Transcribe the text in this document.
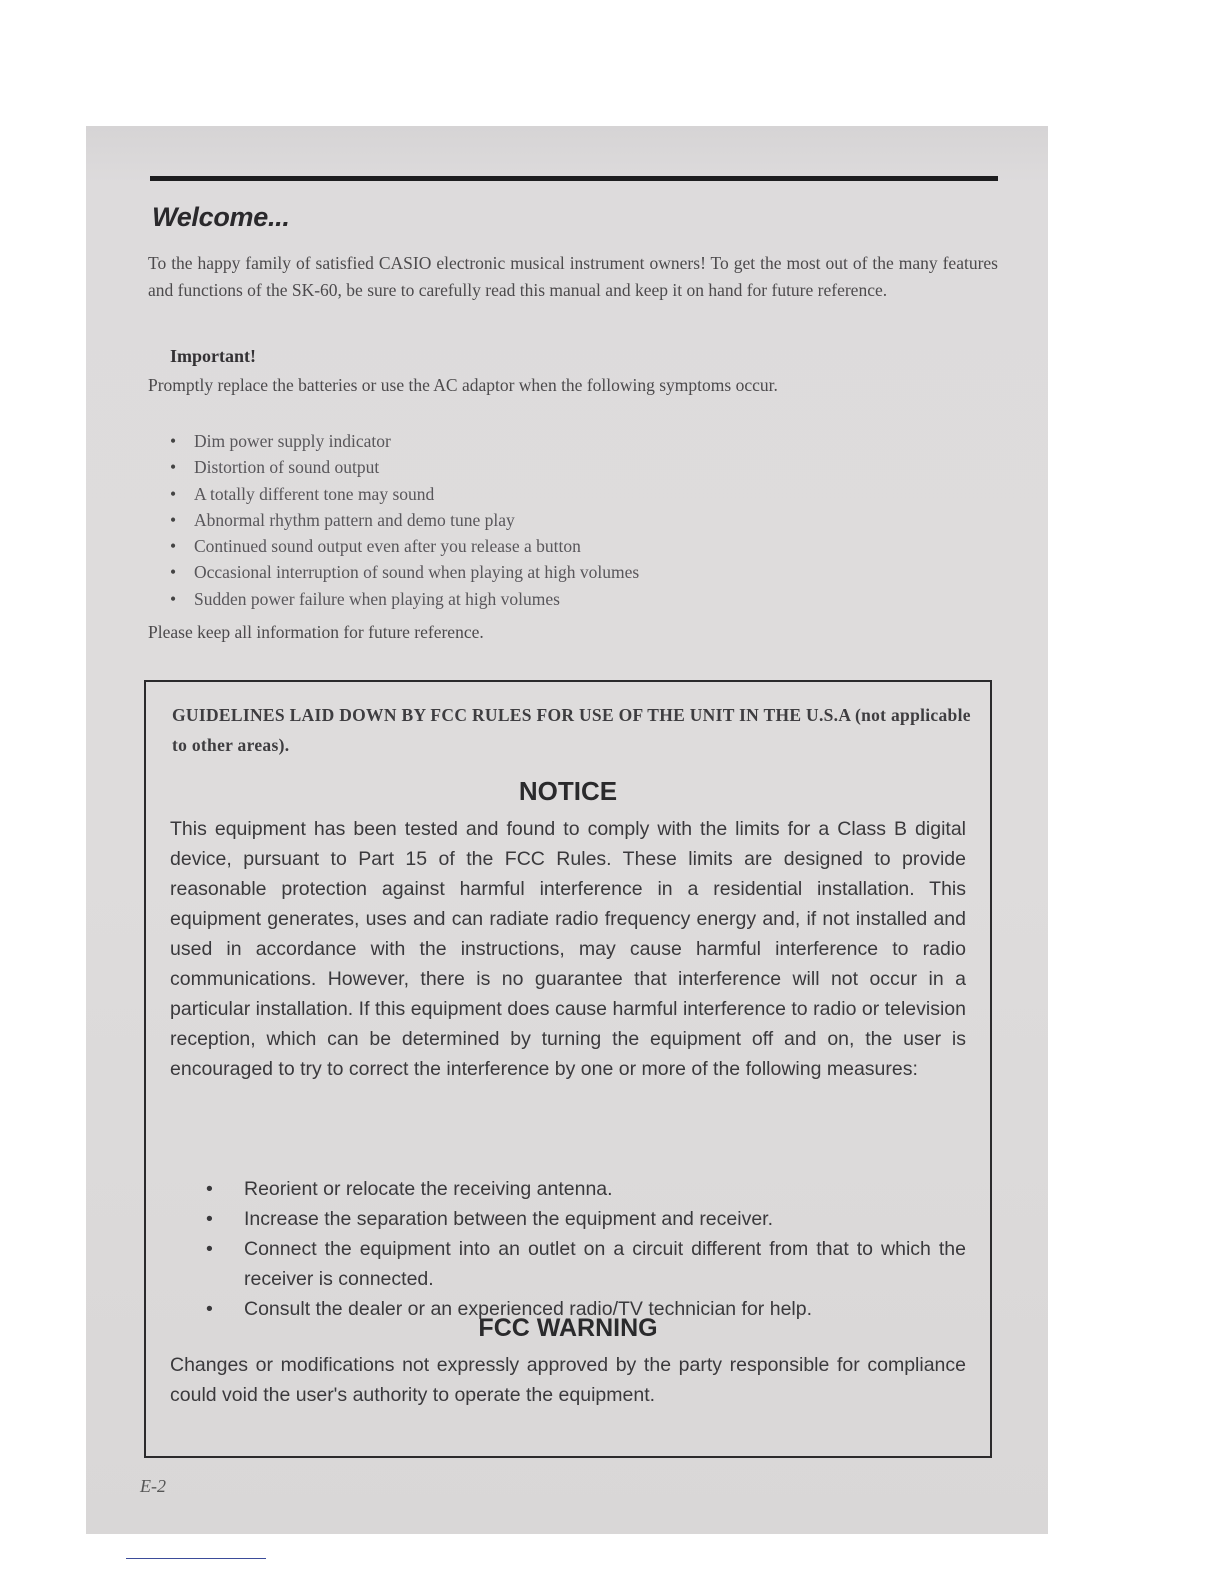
Welcome...
To the happy family of satisfied CASIO electronic musical instrument owners! To get the most out of the many features and functions of the SK-60, be sure to carefully read this manual and keep it on hand for future reference.
Important!
Promptly replace the batteries or use the AC adaptor when the following symptoms occur.
•	Dim power supply indicator
•	Distortion of sound output
•	A totally different tone may sound
•	Abnormal rhythm pattern and demo tune play
•	Continued sound output even after you release a button
•	Occasional interruption of sound when playing at high volumes
•	Sudden power failure when playing at high volumes
Please keep all information for future reference.
GUIDELINES LAID DOWN BY FCC RULES FOR USE OF THE UNIT IN THE U.S.A (not applicable to other areas).
NOTICE
This equipment has been tested and found to comply with the limits for a Class B digital device, pursuant to Part 15 of the FCC Rules. These limits are designed to provide reasonable protection against harmful interference in a residential installation. This equipment generates, uses and can radiate radio frequency energy and, if not installed and used in accordance with the instructions, may cause harmful interference to radio communications. However, there is no guarantee that interference will not occur in a particular installation. If this equipment does cause harmful interference to radio or television reception, which can be determined by turning the equipment off and on, the user is encouraged to try to correct the interference by one or more of the following measures:
•	Reorient or relocate the receiving antenna.
•	Increase the separation between the equipment and receiver.
•	Connect the equipment into an outlet on a circuit different from that to which the receiver is connected.
•	Consult the dealer or an experienced radio/TV technician for help.
FCC WARNING
Changes or modifications not expressly approved by the party responsible for compliance could void the user's authority to operate the equipment.
E-2
